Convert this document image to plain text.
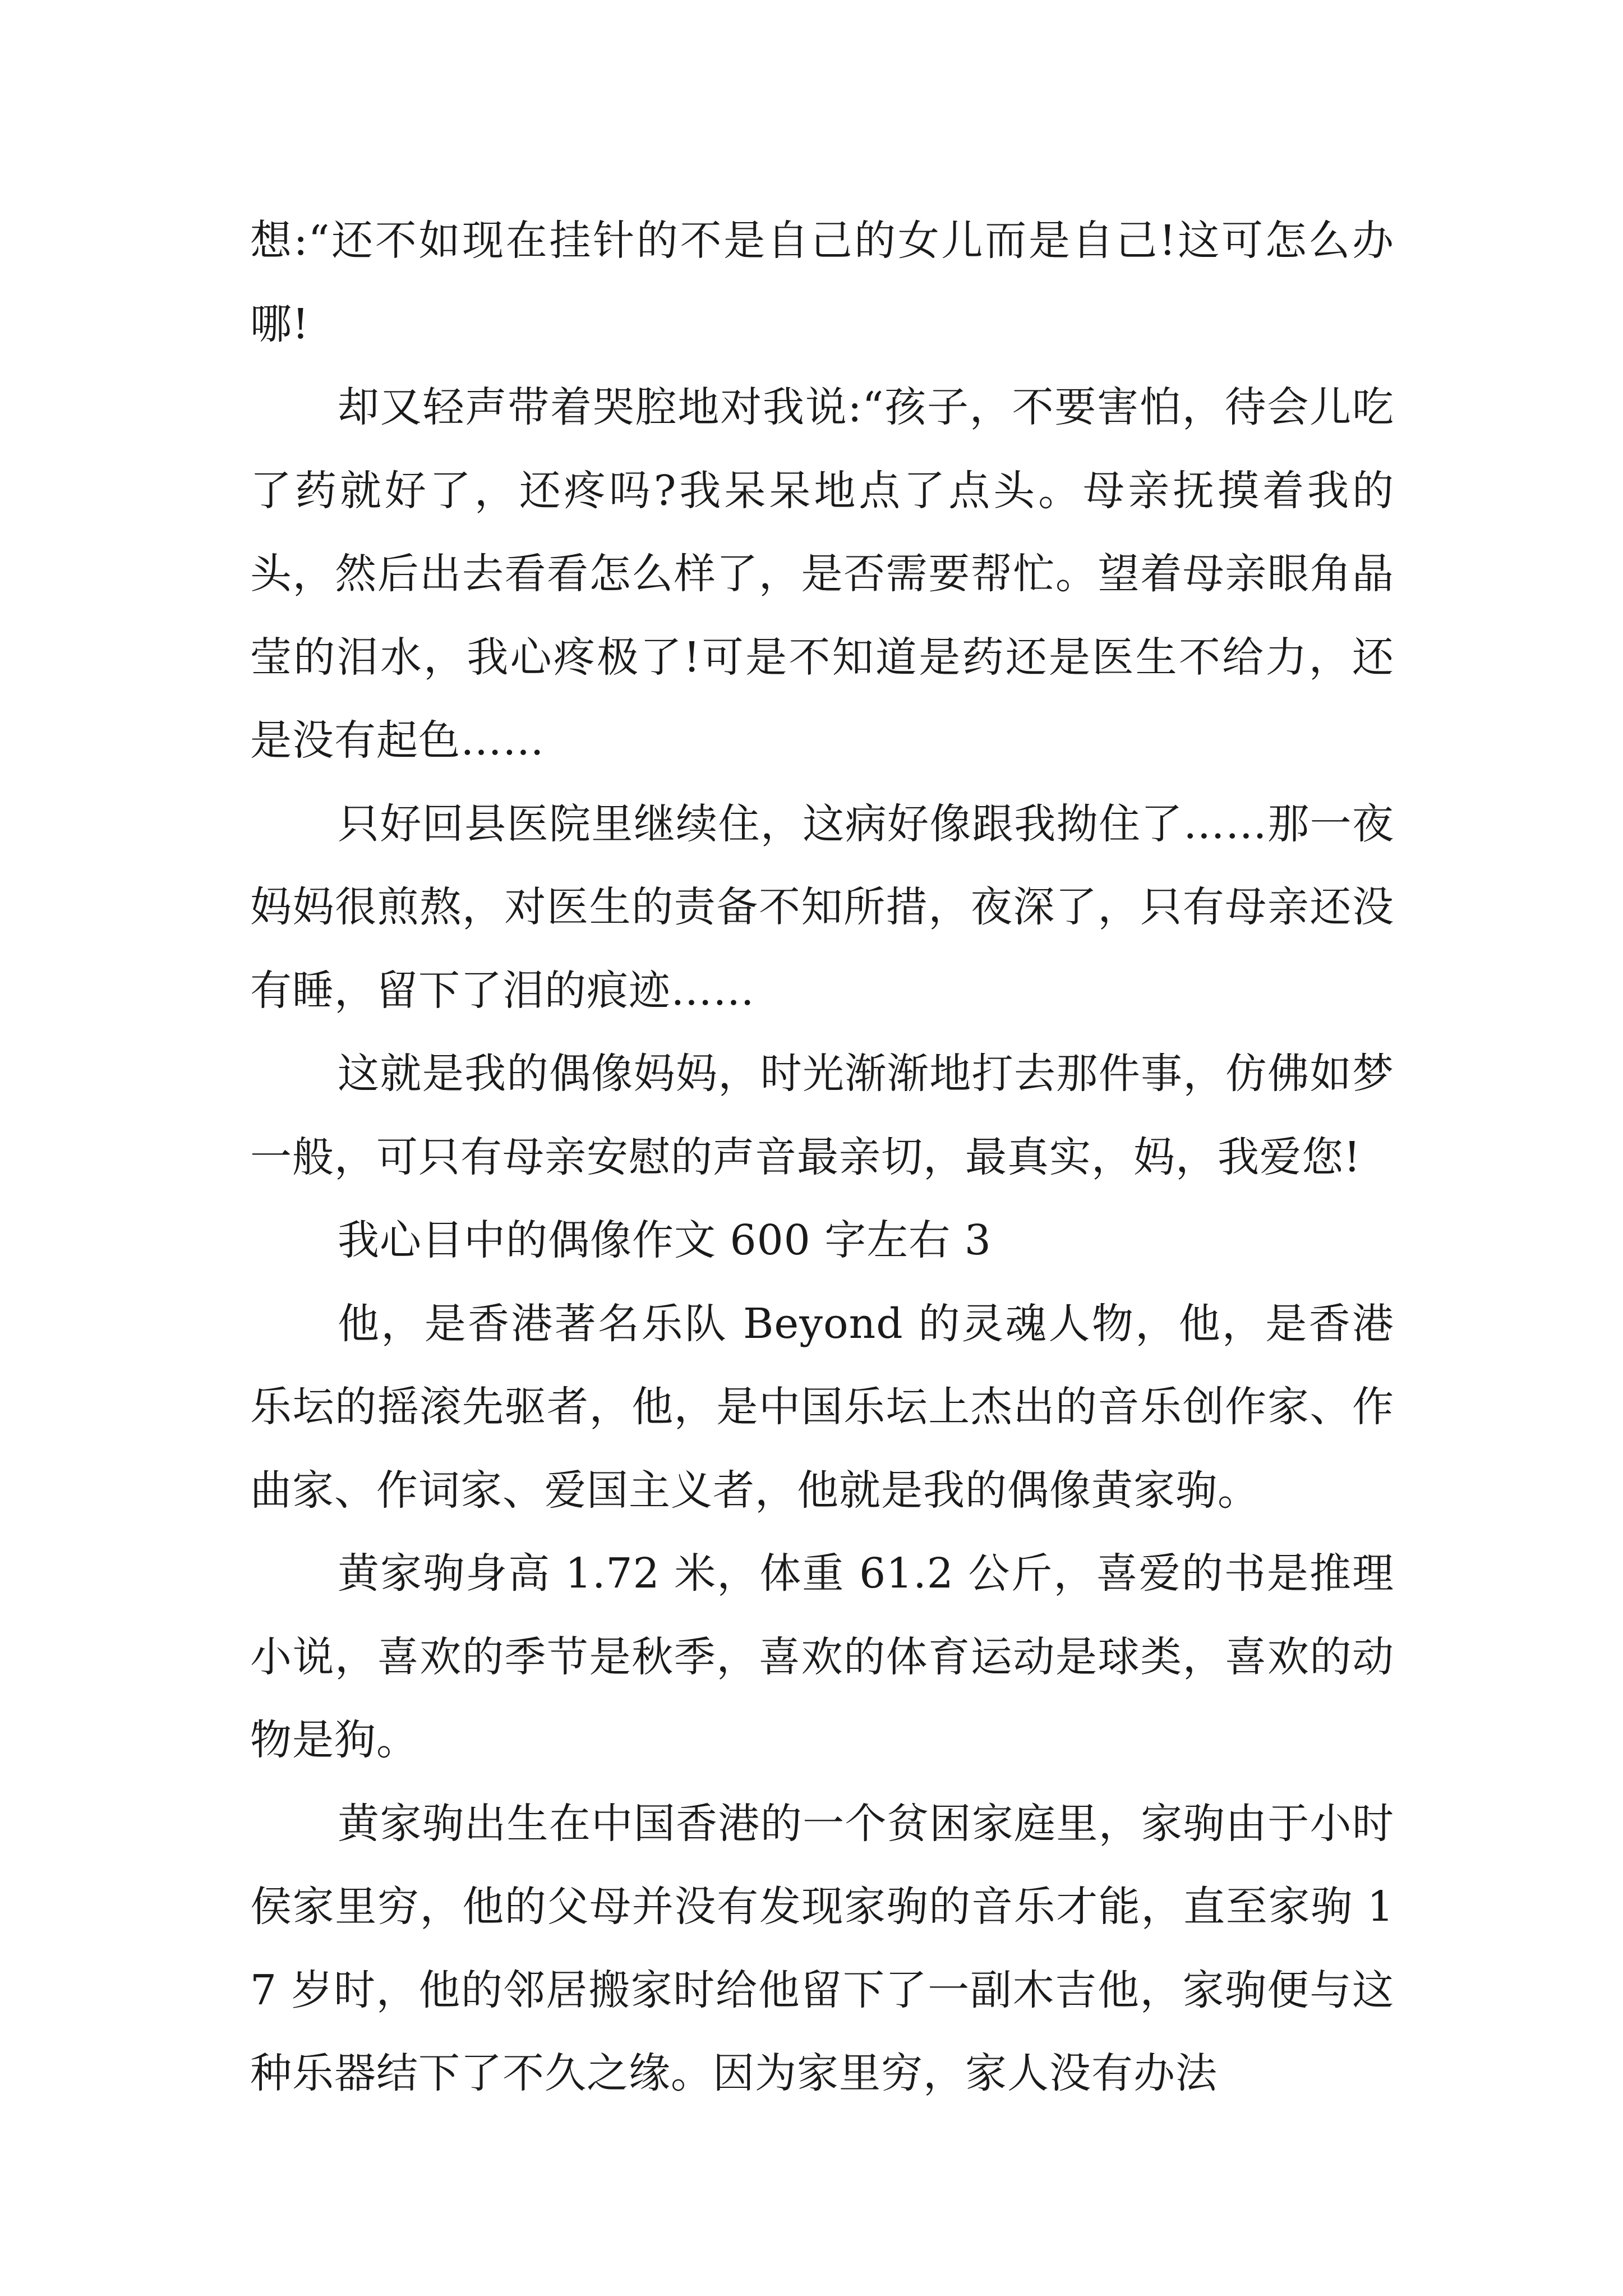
想:“还不如现在挂针的不是自己的女儿而是自己!这可怎么办哪!

却又轻声带着哭腔地对我说:“孩子，不要害怕，待会儿吃了药就好了，还疼吗?我呆呆地点了点头。母亲抚摸着我的头，然后出去看看怎么样了，是否需要帮忙。望着母亲眼角晶莹的泪水，我心疼极了!可是不知道是药还是医生不给力，还是没有起色……

只好回县医院里继续住，这病好像跟我拗住了……那一夜妈妈很煎熬，对医生的责备不知所措，夜深了，只有母亲还没有睡，留下了泪的痕迹……

这就是我的偶像妈妈，时光渐渐地打去那件事，仿佛如梦一般，可只有母亲安慰的声音最亲切，最真实，妈，我爱您!

我心目中的偶像作文 600 字左右 3

他，是香港著名乐队 Beyond 的灵魂人物，他，是香港乐坛的摇滚先驱者，他，是中国乐坛上杰出的音乐创作家、作曲家、作词家、爱国主义者，他就是我的偶像黄家驹。

黄家驹身高 1.72 米，体重 61.2 公斤，喜爱的书是推理小说，喜欢的季节是秋季，喜欢的体育运动是球类，喜欢的动物是狗。

黄家驹出生在中国香港的一个贫困家庭里，家驹由于小时侯家里穷，他的父母并没有发现家驹的音乐才能，直至家驹 17 岁时，他的邻居搬家时给他留下了一副木吉他，家驹便与这种乐器结下了不久之缘。因为家里穷，家人没有办法
